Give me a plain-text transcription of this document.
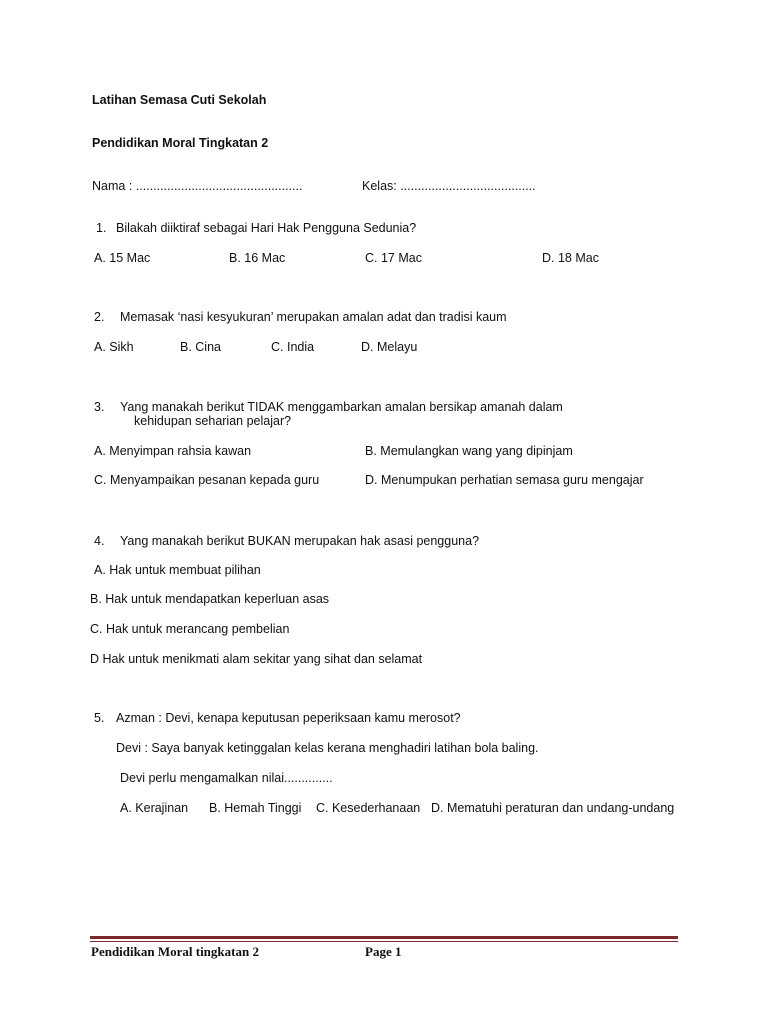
Latihan Semasa Cuti Sekolah
Pendidikan Moral Tingkatan 2
Nama : ................................................	Kelas: .......................................
1. Bilakah diiktiraf sebagai Hari Hak Pengguna Sedunia?
A. 15 Mac	B. 16 Mac	C. 17 Mac	D. 18 Mac
2. Memasak ‘nasi kesyukuran’ merupakan amalan adat dan tradisi kaum
A. Sikh	B. Cina	C. India	D. Melayu
3. Yang manakah berikut TIDAK menggambarkan amalan bersikap amanah dalam
kehidupan seharian pelajar?
A. Menyimpan rahsia kawan	B. Memulangkan wang yang dipinjam
C. Menyampaikan pesanan kepada guru	D. Menumpukan perhatian semasa guru mengajar
4. Yang manakah berikut BUKAN merupakan hak asasi pengguna?
A. Hak untuk membuat pilihan
B. Hak untuk mendapatkan keperluan asas
C. Hak untuk merancang pembelian
D Hak untuk menikmati alam sekitar yang sihat dan selamat
5. Azman : Devi, kenapa keputusan peperiksaan kamu merosot?
Devi : Saya banyak ketinggalan kelas kerana menghadiri latihan bola baling.
Devi perlu mengamalkan nilai..............
A. Kerajinan B. Hemah Tinggi C. Kesederhanaan D. Mematuhi peraturan dan undang-undang
Pendidikan Moral tingkatan 2	Page 1
